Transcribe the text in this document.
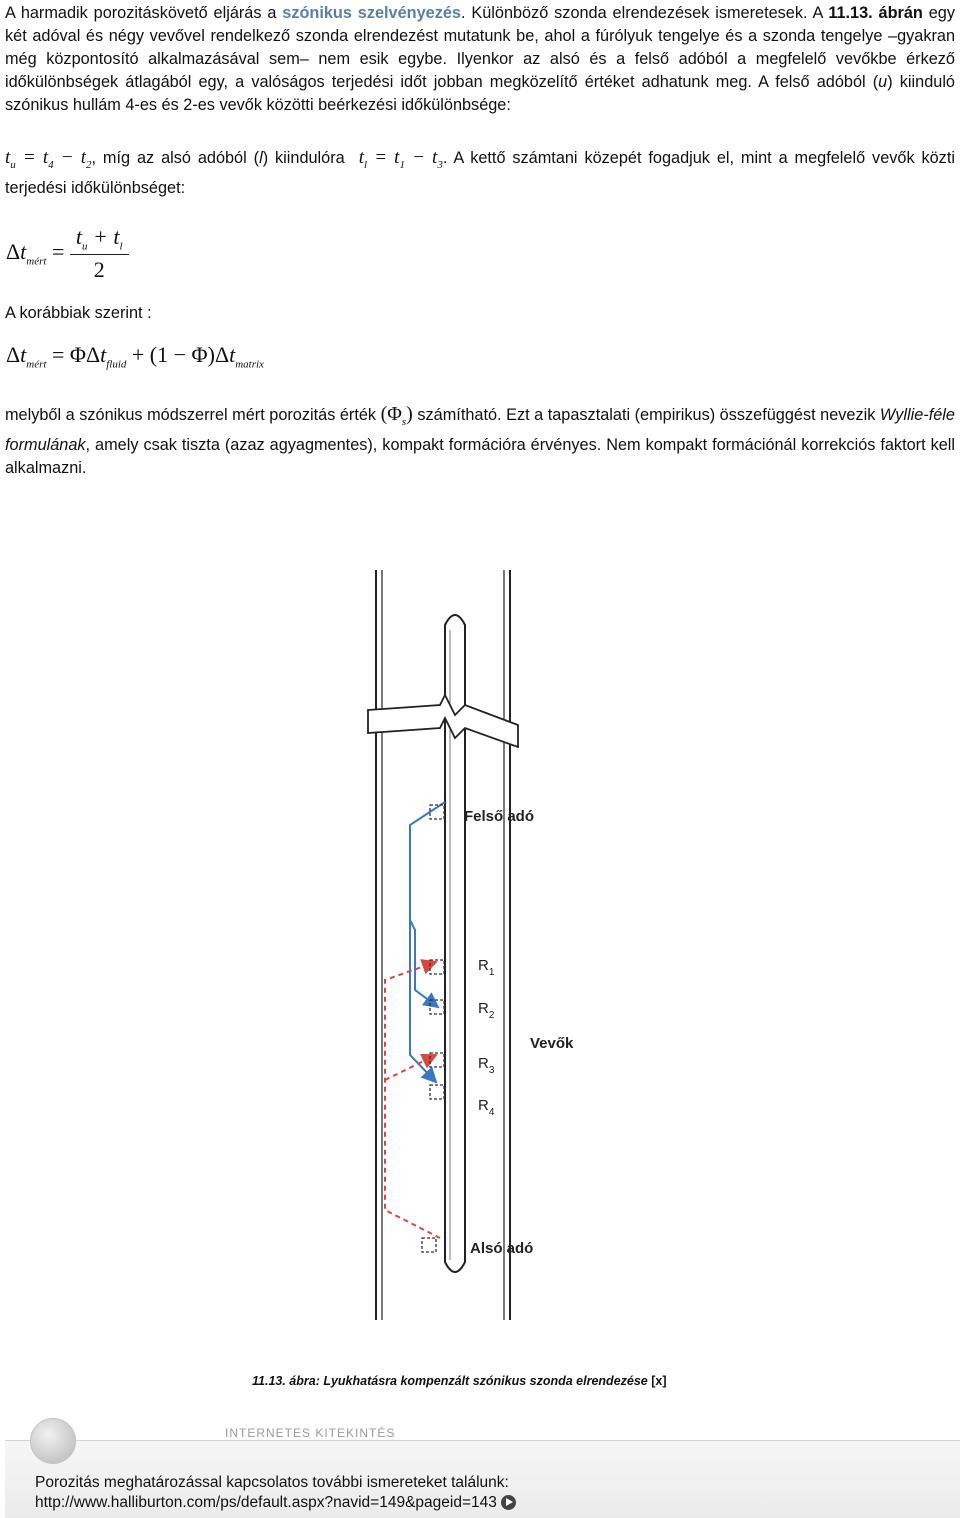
A harmadik porozitáskövető eljárás a szónikus szelvényezés. Különböző szonda elrendezések ismeretesek. A 11.13. ábrán egy két adóval és négy vevővel rendelkező szonda elrendezést mutatunk be, ahol a fúrólyuk tengelye és a szonda tengelye –gyakran még központosító alkalmazásával sem– nem esik egybe. Ilyenkor az alsó és a felső adóból a megfelelő vevőkbe érkező időkülönbségek átlagából egy, a valóságos terjedési időt jobban megközelítő értéket adhatunk meg. A felső adóból (u) kiinduló szónikus hullám 4-es és 2-es vevők közötti beérkezési időkülönbsége:
$t_u = t_4 - t_2$, míg az alsó adóból (l) kiindulóra  $t_l = t_1 - t_3$. A kettő számtani közepét fogadjuk el, mint a megfelelő vevők közti terjedési időkülönbséget:
$\Delta t_{mért} = \frac{t_u + t_l}{2}$
A korábbiak szerint :
$\Delta t_{mért} = \Phi\Delta t_{fluid} + (1 - \Phi)\Delta t_{matrix}$
melyből a szónikus módszerrel mért porozitás érték $(\Phi_s)$ számítható. Ezt a tapasztalati (empirikus) összefüggést nevezik Wyllie-féle formulának, amely csak tiszta (azaz agyagmentes), kompakt formációra érvényes. Nem kompakt formációnál korrekciós faktort kell alkalmazni.
Felső adó
Alsó adó
Vevők
$R_1$
$R_2$
$R_3$
$R_4$
11.13. ábra: Lyukhatásra kompenzált szónikus szonda elrendezése [x]
INTERNETES KITEKINTÉS
Porozitás meghatározással kapcsolatos további ismereteket találunk:
http://www.halliburton.com/ps/default.aspx?navid=149&pageid=143
